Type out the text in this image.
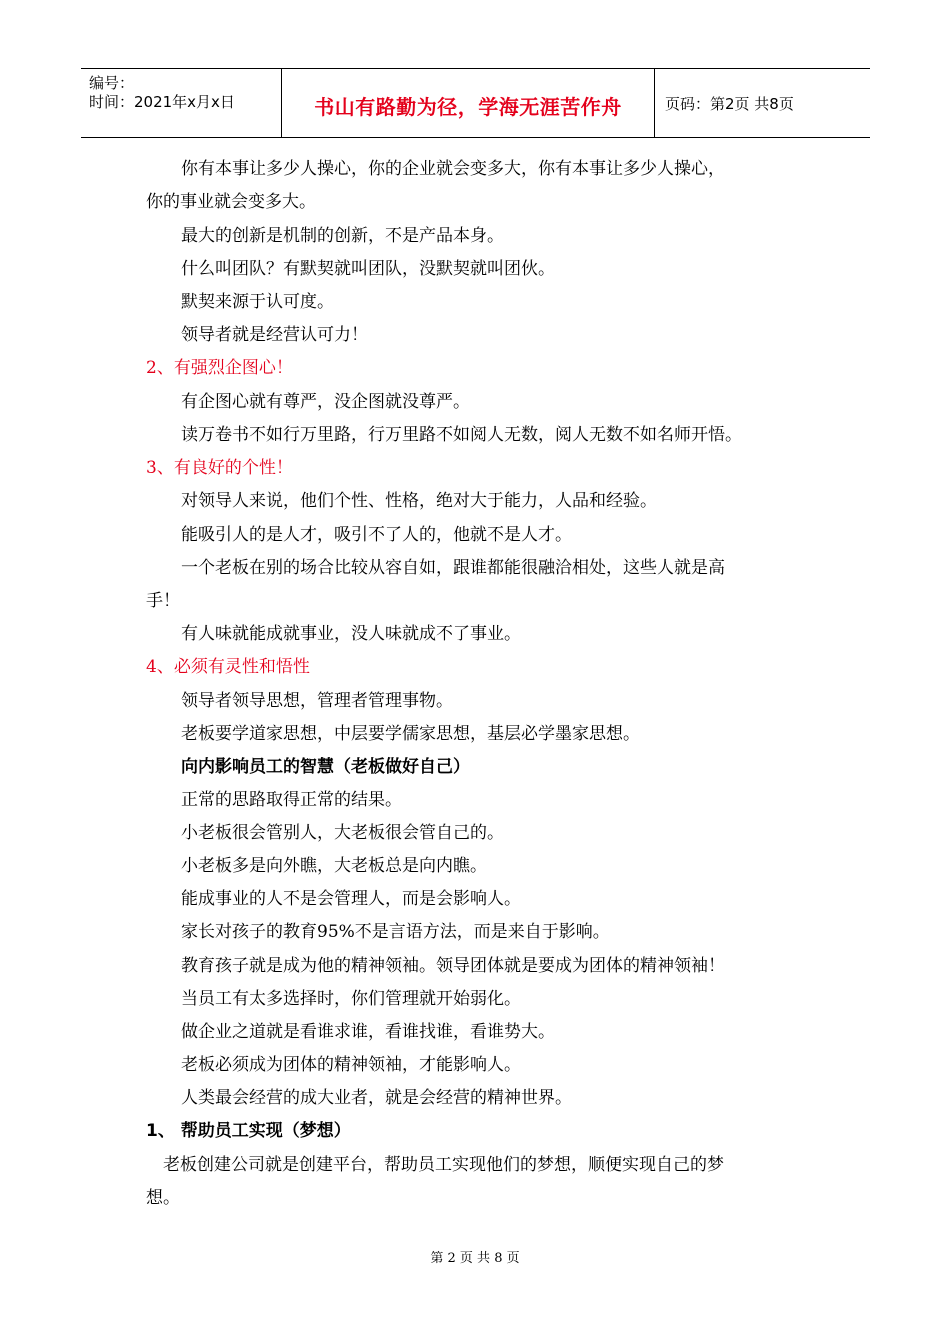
编号：
时间：2021年x月x日	书山有路勤为径，学海无涯苦作舟	页码：第2页 共8页
你有本事让多少人操心，你的企业就会变多大，你有本事让多少人操心，
你的事业就会变多大。
最大的创新是机制的创新，不是产品本身。
什么叫团队？有默契就叫团队，没默契就叫团伙。
默契来源于认可度。
领导者就是经营认可力！
2、有强烈企图心！
有企图心就有尊严，没企图就没尊严。
读万卷书不如行万里路，行万里路不如阅人无数，阅人无数不如名师开悟。
3、有良好的个性！
对领导人来说，他们个性、性格，绝对大于能力，人品和经验。
能吸引人的是人才，吸引不了人的，他就不是人才。
一个老板在别的场合比较从容自如，跟谁都能很融洽相处，这些人就是高
手！
有人味就能成就事业，没人味就成不了事业。
4、必须有灵性和悟性
领导者领导思想，管理者管理事物。
老板要学道家思想，中层要学儒家思想，基层必学墨家思想。
向内影响员工的智慧（老板做好自己）
正常的思路取得正常的结果。
小老板很会管别人，大老板很会管自己的。
小老板多是向外瞧，大老板总是向内瞧。
能成事业的人不是会管理人，而是会影响人。
家长对孩子的教育95%不是言语方法，而是来自于影响。
教育孩子就是成为他的精神领袖。领导团体就是要成为团体的精神领袖！
当员工有太多选择时，你们管理就开始弱化。
做企业之道就是看谁求谁，看谁找谁，看谁势大。
老板必须成为团体的精神领袖，才能影响人。
人类最会经营的成大业者，就是会经营的精神世界。
1、 帮助员工实现（梦想）
老板创建公司就是创建平台，帮助员工实现他们的梦想，顺便实现自己的梦
想。
第 2 页 共 8 页
